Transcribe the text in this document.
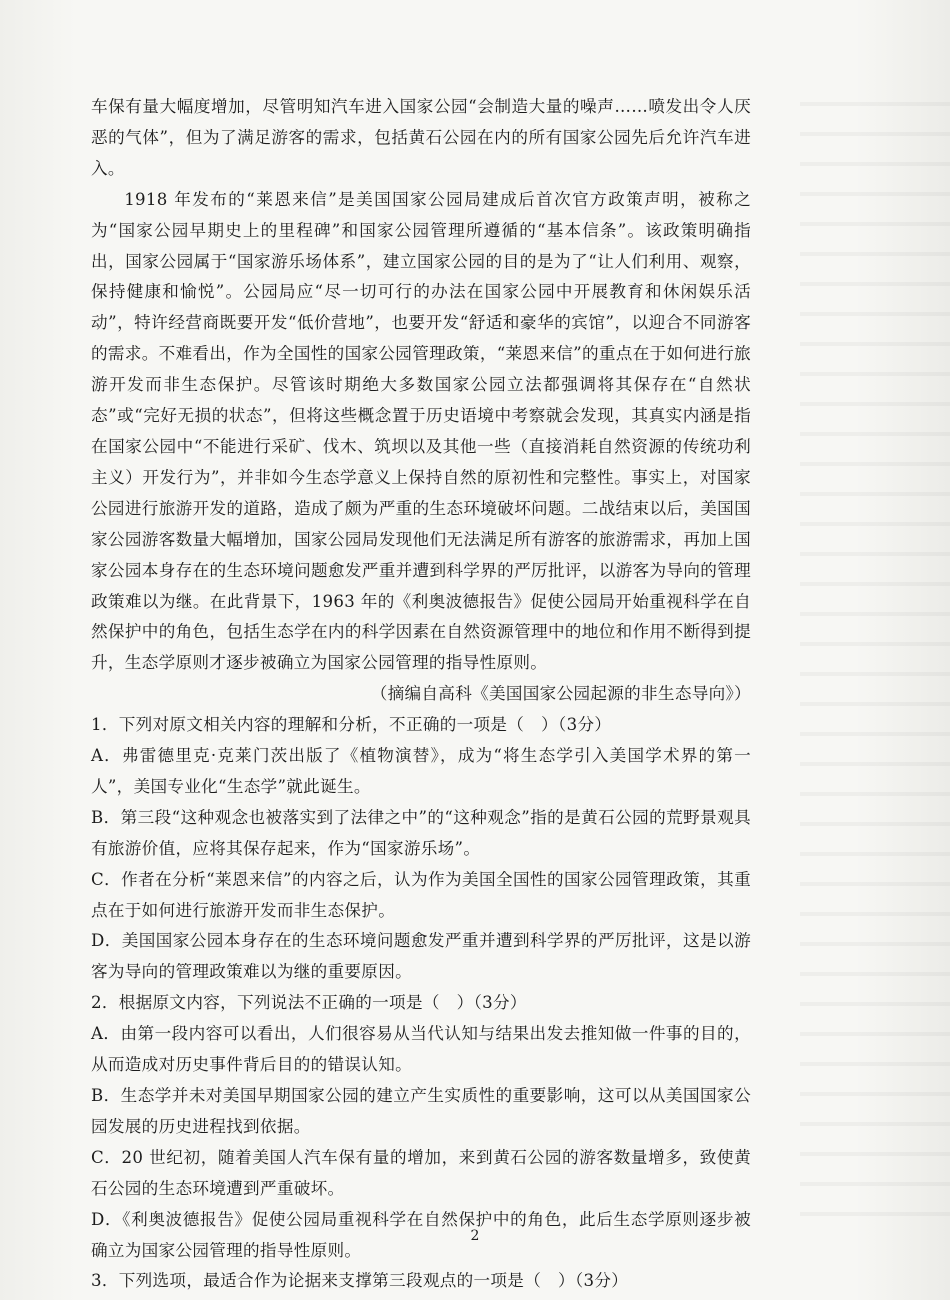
车保有量大幅度增加，尽管明知汽车进入国家公园“会制造大量的噪声……喷发出令人厌恶的气体”，但为了满足游客的需求，包括黄石公园在内的所有国家公园先后允许汽车进入。

1918 年发布的“莱恩来信”是美国国家公园局建成后首次官方政策声明，被称之为“国家公园早期史上的里程碑”和国家公园管理所遵循的“基本信条”。该政策明确指出，国家公园属于“国家游乐场体系”，建立国家公园的目的是为了“让人们利用、观察，保持健康和愉悦”。公园局应“尽一切可行的办法在国家公园中开展教育和休闲娱乐活动”，特许经营商既要开发“低价营地”，也要开发“舒适和豪华的宾馆”，以迎合不同游客的需求。不难看出，作为全国性的国家公园管理政策，“莱恩来信”的重点在于如何进行旅游开发而非生态保护。尽管该时期绝大多数国家公园立法都强调将其保存在“自然状态”或“完好无损的状态”，但将这些概念置于历史语境中考察就会发现，其真实内涵是指在国家公园中“不能进行采矿、伐木、筑坝以及其他一些（直接消耗自然资源的传统功利主义）开发行为”，并非如今生态学意义上保持自然的原初性和完整性。事实上，对国家公园进行旅游开发的道路，造成了颇为严重的生态环境破坏问题。二战结束以后，美国国家公园游客数量大幅增加，国家公园局发现他们无法满足所有游客的旅游需求，再加上国家公园本身存在的生态环境问题愈发严重并遭到科学界的严厉批评，以游客为导向的管理政策难以为继。在此背景下，1963 年的《利奥波德报告》促使公园局开始重视科学在自然保护中的角色，包括生态学在内的科学因素在自然资源管理中的地位和作用不断得到提升，生态学原则才逐步被确立为国家公园管理的指导性原则。

（摘编自高科《美国国家公园起源的非生态导向》）

1．下列对原文相关内容的理解和分析，不正确的一项是（　）（3分）

A．弗雷德里克·克莱门茨出版了《植物演替》，成为“将生态学引入美国学术界的第一人”，美国专业化“生态学”就此诞生。

B．第三段“这种观念也被落实到了法律之中”的“这种观念”指的是黄石公园的荒野景观具有旅游价值，应将其保存起来，作为“国家游乐场”。

C．作者在分析“莱恩来信”的内容之后，认为作为美国全国性的国家公园管理政策，其重点在于如何进行旅游开发而非生态保护。

D．美国国家公园本身存在的生态环境问题愈发严重并遭到科学界的严厉批评，这是以游客为导向的管理政策难以为继的重要原因。

2．根据原文内容，下列说法不正确的一项是（　）（3分）

A．由第一段内容可以看出，人们很容易从当代认知与结果出发去推知做一件事的目的，从而造成对历史事件背后目的的错误认知。

B．生态学并未对美国早期国家公园的建立产生实质性的重要影响，这可以从美国国家公园发展的历史进程找到依据。

C．20 世纪初，随着美国人汽车保有量的增加，来到黄石公园的游客数量增多，致使黄石公园的生态环境遭到严重破坏。

D．《利奥波德报告》促使公园局重视科学在自然保护中的角色，此后生态学原则逐步被确立为国家公园管理的指导性原则。

3．下列选项，最适合作为论据来支撑第三段观点的一项是（　）（3分）

2
